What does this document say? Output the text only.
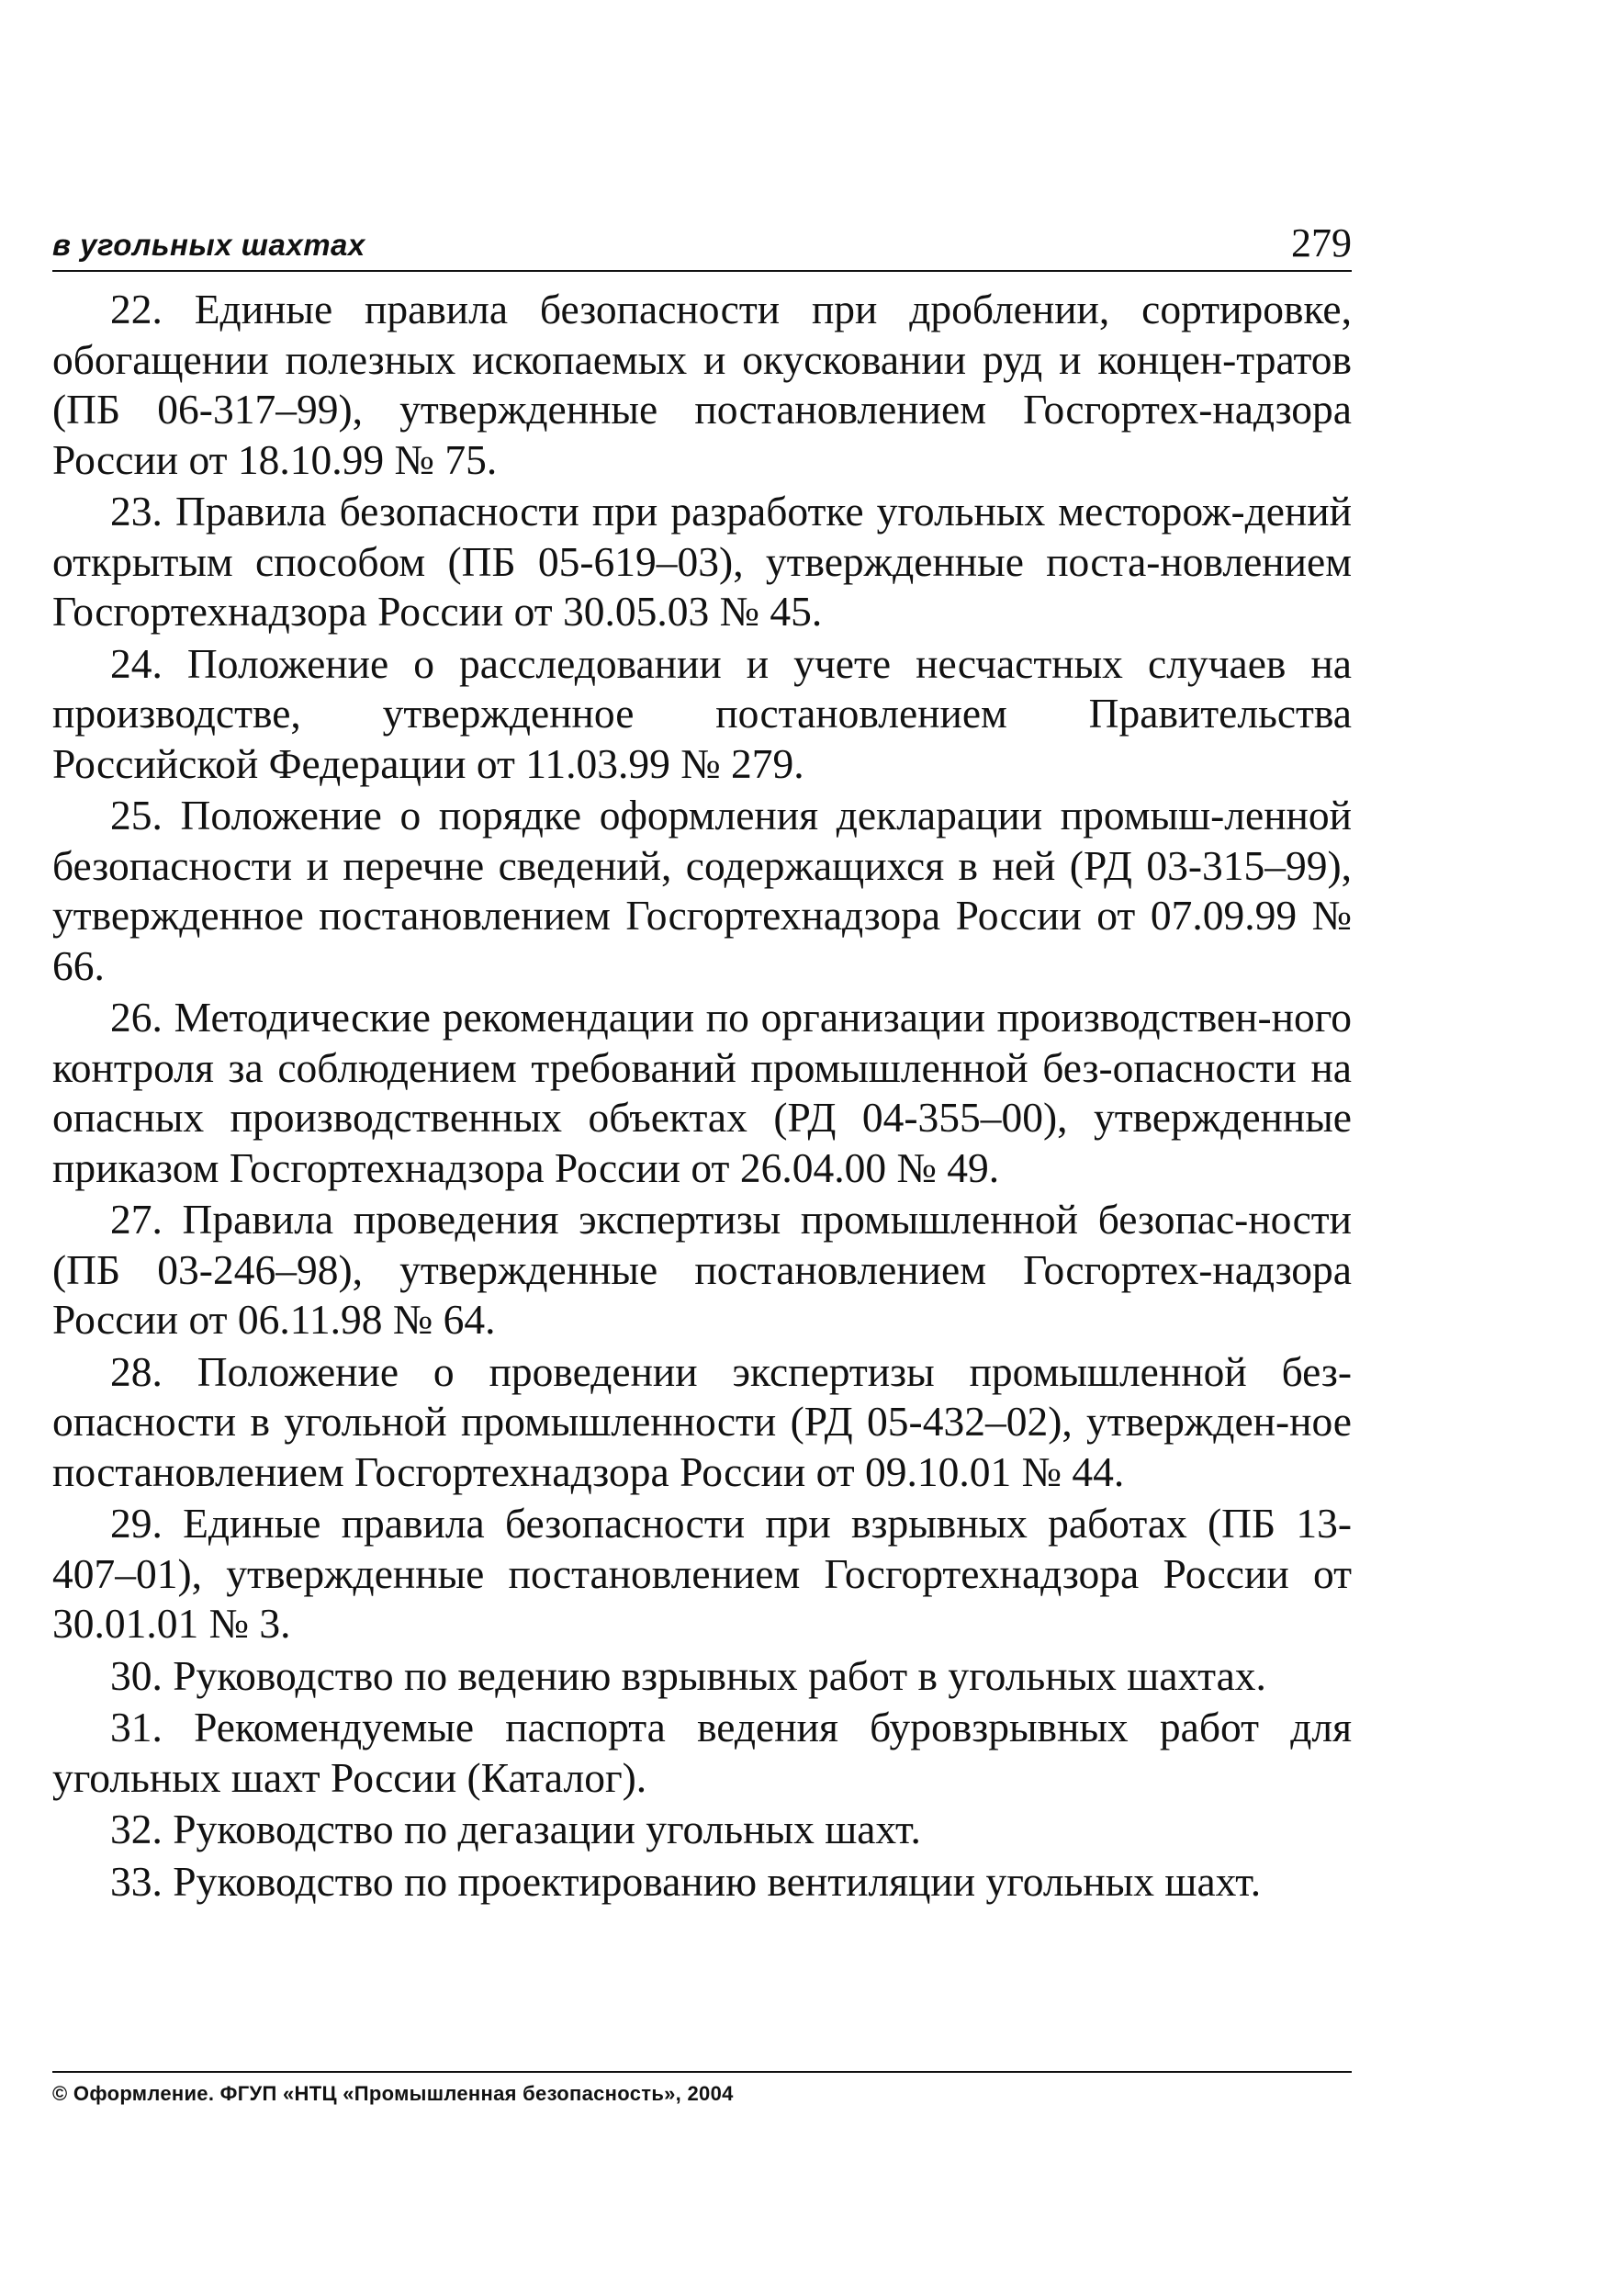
в угольных шахтах	279

22. Единые правила безопасности при дроблении, сортировке, обогащении полезных ископаемых и окусковании руд и концен-тратов (ПБ 06-317–99), утвержденные постановлением Госгортех-надзора России от 18.10.99 № 75.

23. Правила безопасности при разработке угольных месторож-дений открытым способом (ПБ 05-619–03), утвержденные поста-новлением Госгортехнадзора России от 30.05.03 № 45.

24. Положение о расследовании и учете несчастных случаев на производстве, утвержденное постановлением Правительства Российской Федерации от 11.03.99 № 279.

25. Положение о порядке оформления декларации промыш-ленной безопасности и перечне сведений, содержащихся в ней (РД 03-315–99), утвержденное постановлением Госгортехнадзора России от 07.09.99 № 66.

26. Методические рекомендации по организации производствен-ного контроля за соблюдением требований промышленной без-опасности на опасных производственных объектах (РД 04-355–00), утвержденные приказом Госгортехнадзора России от 26.04.00 № 49.

27. Правила проведения экспертизы промышленной безопас-ности (ПБ 03-246–98), утвержденные постановлением Госгортех-надзора России от 06.11.98 № 64.

28. Положение о проведении экспертизы промышленной без-опасности в угольной промышленности (РД 05-432–02), утвержден-ное постановлением Госгортехнадзора России от 09.10.01 № 44.

29. Единые правила безопасности при взрывных работах (ПБ 13-407–01), утвержденные постановлением Госгортехнадзора России от 30.01.01 № 3.

30. Руководство по ведению взрывных работ в угольных шахтах.

31. Рекомендуемые паспорта ведения буровзрывных работ для угольных шахт России (Каталог).

32. Руководство по дегазации угольных шахт.

33. Руководство по проектированию вентиляции угольных шахт.

© Оформление. ФГУП «НТЦ «Промышленная безопасность», 2004
